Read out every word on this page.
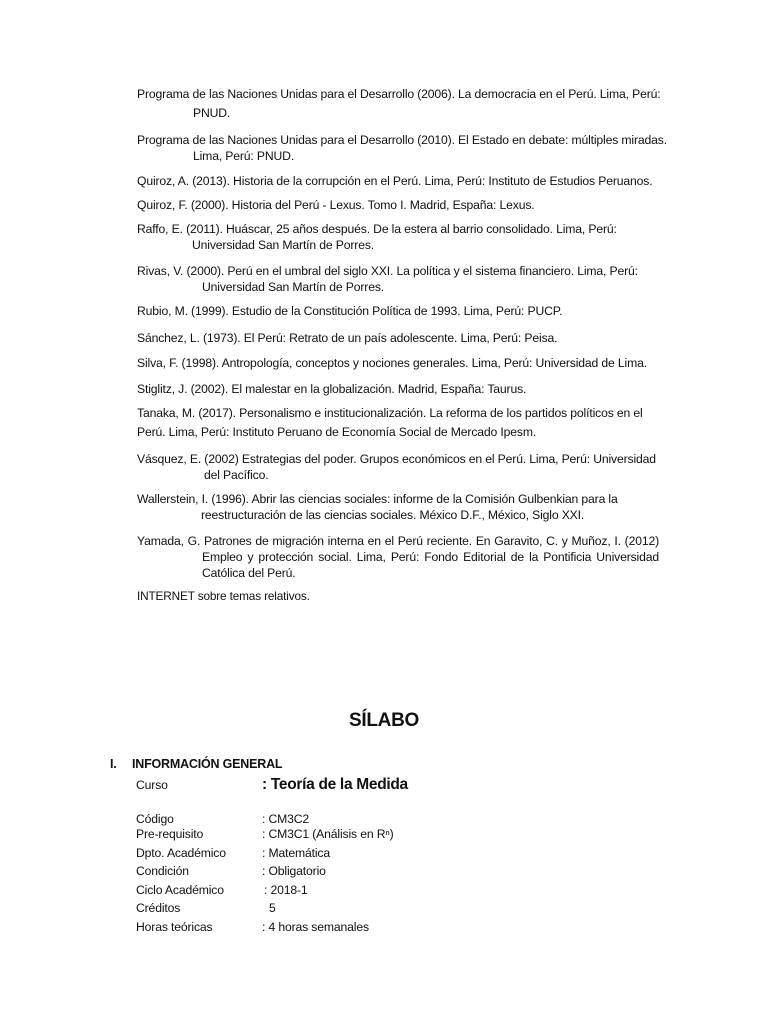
Programa de las Naciones Unidas para el Desarrollo (2006). La democracia en el Perú. Lima, Perú:
PNUD.
Programa de las Naciones Unidas para el Desarrollo (2010). El Estado en debate: múltiples miradas.
Lima, Perú: PNUD.
Quiroz, A. (2013). Historia de la corrupción en el Perú. Lima, Perú: Instituto de Estudios Peruanos.
Quiroz, F. (2000). Historia del Perú - Lexus. Tomo I. Madrid, España: Lexus.
Raffo, E. (2011). Huáscar, 25 años después. De la estera al barrio consolidado. Lima, Perú:
Universidad San Martín de Porres.
Rivas, V. (2000). Perú en el umbral del siglo XXI. La política y el sistema financiero. Lima, Perú:
Universidad San Martín de Porres.
Rubio, M. (1999). Estudio de la Constitución Política de 1993. Lima, Perú: PUCP.
Sánchez, L. (1973). El Perú: Retrato de un país adolescente. Lima, Perú: Peisa.
Silva, F. (1998). Antropología, conceptos y nociones generales. Lima, Perú: Universidad de Lima.
Stiglitz, J. (2002). El malestar en la globalización. Madrid, España: Taurus.
Tanaka, M. (2017). Personalismo e institucionalización. La reforma de los partidos políticos en el
Perú. Lima, Perú: Instituto Peruano de Economía Social de Mercado Ipesm.
Vásquez, E. (2002) Estrategias del poder. Grupos económicos en el Perú. Lima, Perú: Universidad
del Pacífico.
Wallerstein, I. (1996). Abrir las ciencias sociales: informe de la Comisión Gulbenkian para la
reestructuración de las ciencias sociales. México D.F., México, Siglo XXI.
Yamada, G. Patrones de migración interna en el Perú reciente. En Garavito, C. y Muñoz, I. (2012)
Empleo y protección social. Lima, Perú: Fondo Editorial de la Pontificia Universidad
Católica del Perú.
INTERNET sobre temas relativos.
SÍLABO
I. INFORMACIÓN GENERAL
Curso	: Teoría de la Medida
Código	: CM3C2
Pre-requisito	: CM3C1 (Análisis en Rⁿ)
Dpto. Académico	: Matemática
Condición	: Obligatorio
Ciclo Académico	: 2018-1
Créditos	5
Horas teóricas	: 4 horas semanales
